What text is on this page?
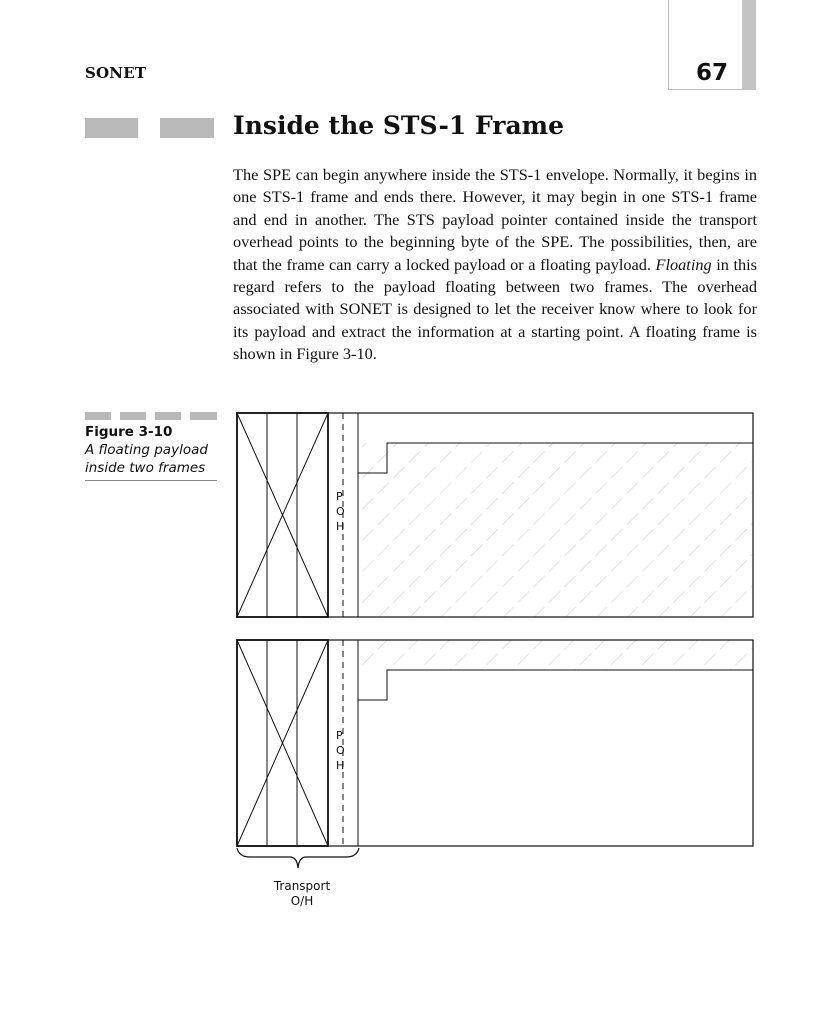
67
SONET
Inside the STS-1 Frame

The SPE can begin anywhere inside the STS-1 envelope. Normally, it begins in one STS-1 frame and ends there. However, it may begin in one STS-1 frame and end in another. The STS payload pointer contained inside the transport overhead points to the beginning byte of the SPE. The possibilities, then, are that the frame can carry a locked payload or a floating payload. Floating in this regard refers to the payload floating between two frames. The overhead associated with SONET is designed to let the receiver know where to look for its payload and extract the information at a starting point. A floating frame is shown in Figure 3-10.

Figure 3-10
A floating payload inside two frames
P
O
H
P
O
H
Transport
O/H
